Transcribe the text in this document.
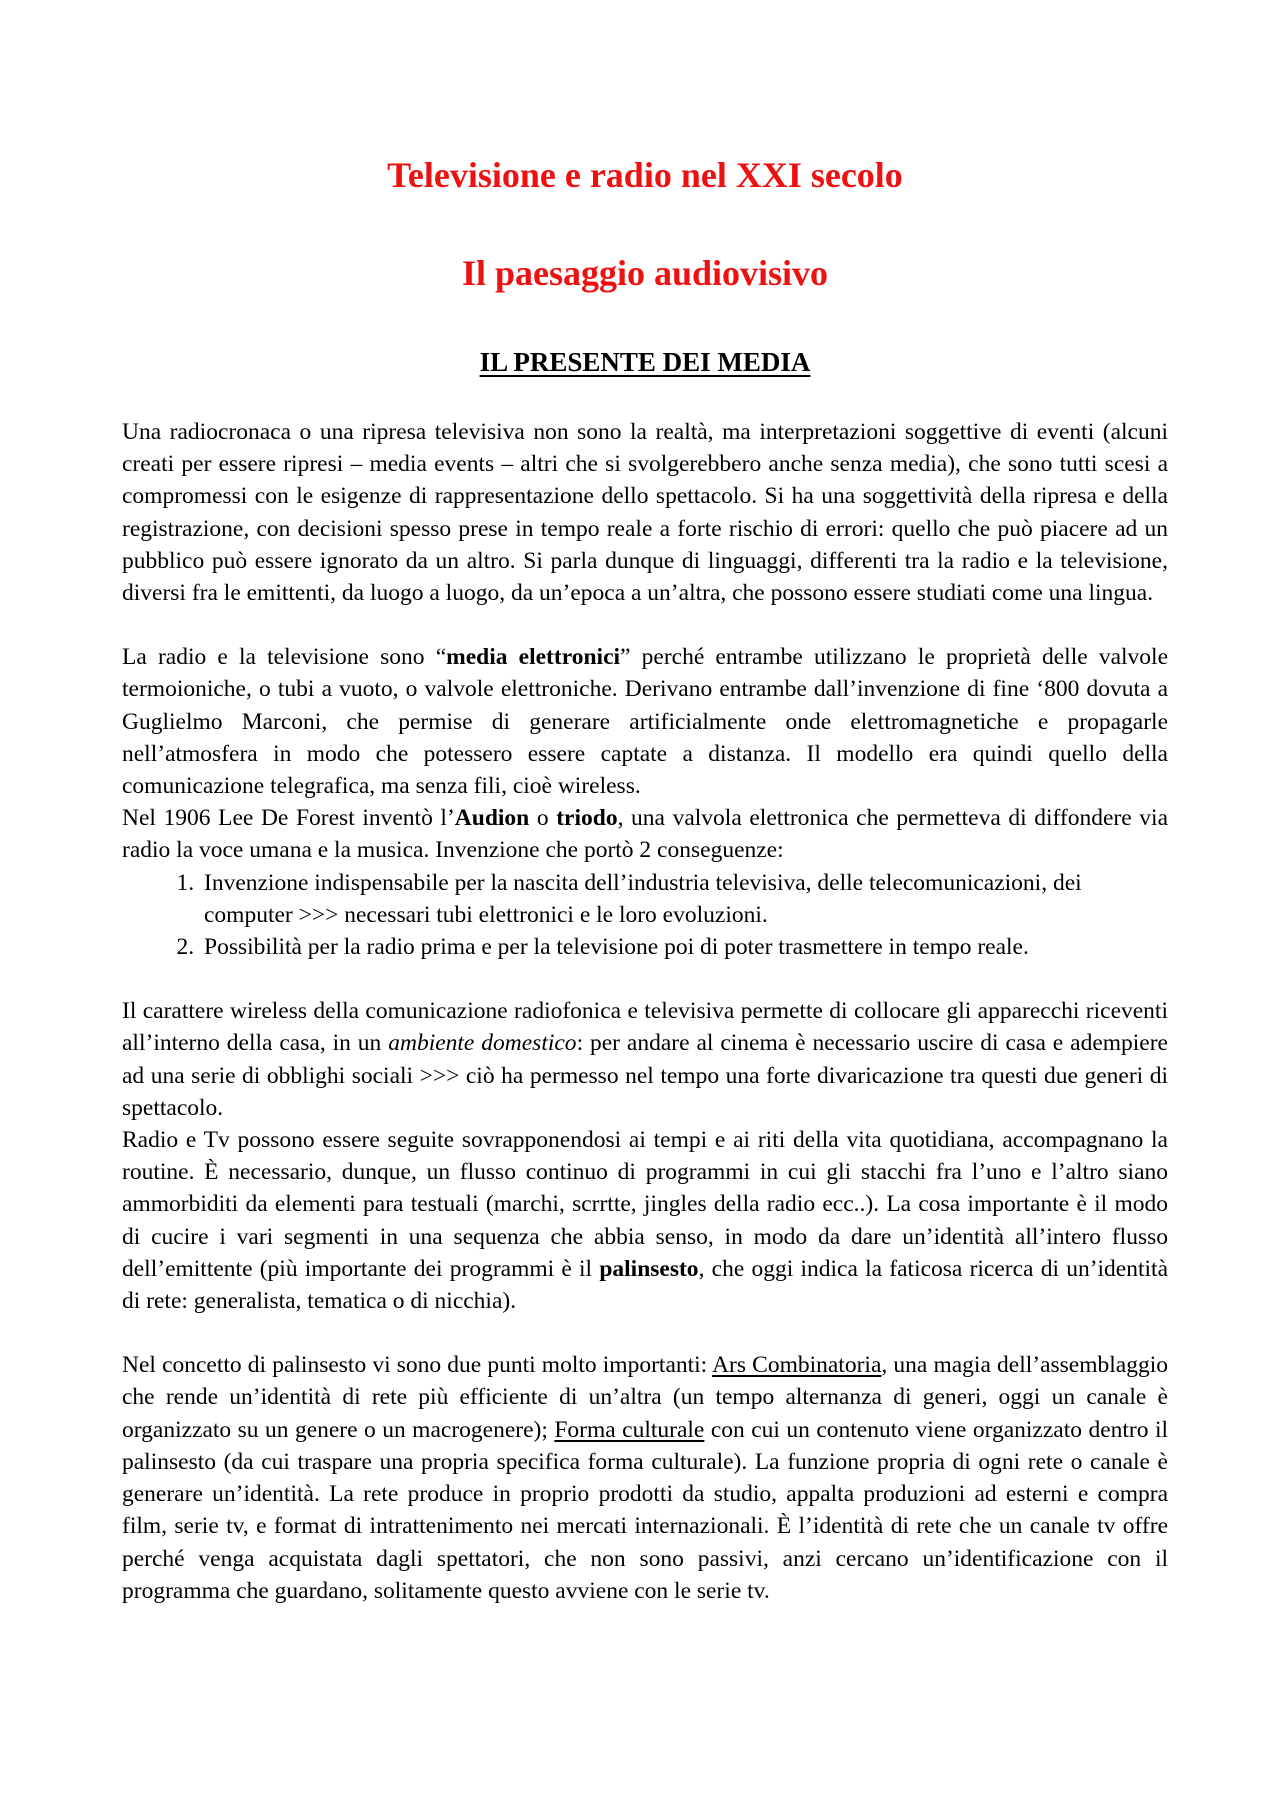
Televisione e radio nel XXI secolo
Il paesaggio audiovisivo
IL PRESENTE DEI MEDIA

Una radiocronaca o una ripresa televisiva non sono la realtà, ma interpretazioni soggettive di eventi (alcuni creati per essere ripresi – media events – altri che si svolgerebbero anche senza media), che sono tutti scesi a compromessi con le esigenze di rappresentazione dello spettacolo. Si ha una soggettività della ripresa e della registrazione, con decisioni spesso prese in tempo reale a forte rischio di errori: quello che può piacere ad un pubblico può essere ignorato da un altro. Si parla dunque di linguaggi, differenti tra la radio e la televisione, diversi fra le emittenti, da luogo a luogo, da un’epoca a un’altra, che possono essere studiati come una lingua.

La radio e la televisione sono “media elettronici” perché entrambe utilizzano le proprietà delle valvole termoioniche, o tubi a vuoto, o valvole elettroniche. Derivano entrambe dall’invenzione di fine ‘800 dovuta a Guglielmo Marconi, che permise di generare artificialmente onde elettromagnetiche e propagarle nell’atmosfera in modo che potessero essere captate a distanza. Il modello era quindi quello della comunicazione telegrafica, ma senza fili, cioè wireless.

Nel 1906 Lee De Forest inventò l’Audion o triodo, una valvola elettronica che permetteva di diffondere via radio la voce umana e la musica. Invenzione che portò 2 conseguenze:

1. Invenzione indispensabile per la nascita dell’industria televisiva, delle telecomunicazioni, dei computer >>> necessari tubi elettronici e le loro evoluzioni.
2. Possibilità per la radio prima e per la televisione poi di poter trasmettere in tempo reale.

Il carattere wireless della comunicazione radiofonica e televisiva permette di collocare gli apparecchi riceventi all’interno della casa, in un ambiente domestico: per andare al cinema è necessario uscire di casa e adempiere ad una serie di obblighi sociali >>> ciò ha permesso nel tempo una forte divaricazione tra questi due generi di spettacolo.

Radio e Tv possono essere seguite sovrapponendosi ai tempi e ai riti della vita quotidiana, accompagnano la routine. È necessario, dunque, un flusso continuo di programmi in cui gli stacchi fra l’uno e l’altro siano ammorbiditi da elementi para testuali (marchi, scrrtte, jingles della radio ecc..). La cosa importante è il modo di cucire i vari segmenti in una sequenza che abbia senso, in modo da dare un’identità all’intero flusso dell’emittente (più importante dei programmi è il palinsesto, che oggi indica la faticosa ricerca di un’identità di rete: generalista, tematica o di nicchia).

Nel concetto di palinsesto vi sono due punti molto importanti: Ars Combinatoria, una magia dell’assemblaggio che rende un’identità di rete più efficiente di un’altra (un tempo alternanza di generi, oggi un canale è organizzato su un genere o un macrogenere); Forma culturale con cui un contenuto viene organizzato dentro il palinsesto (da cui traspare una propria specifica forma culturale). La funzione propria di ogni rete o canale è generare un’identità. La rete produce in proprio prodotti da studio, appalta produzioni ad esterni e compra film, serie tv, e format di intrattenimento nei mercati internazionali. È l’identità di rete che un canale tv offre perché venga acquistata dagli spettatori, che non sono passivi, anzi cercano un’identificazione con il programma che guardano, solitamente questo avviene con le serie tv.
